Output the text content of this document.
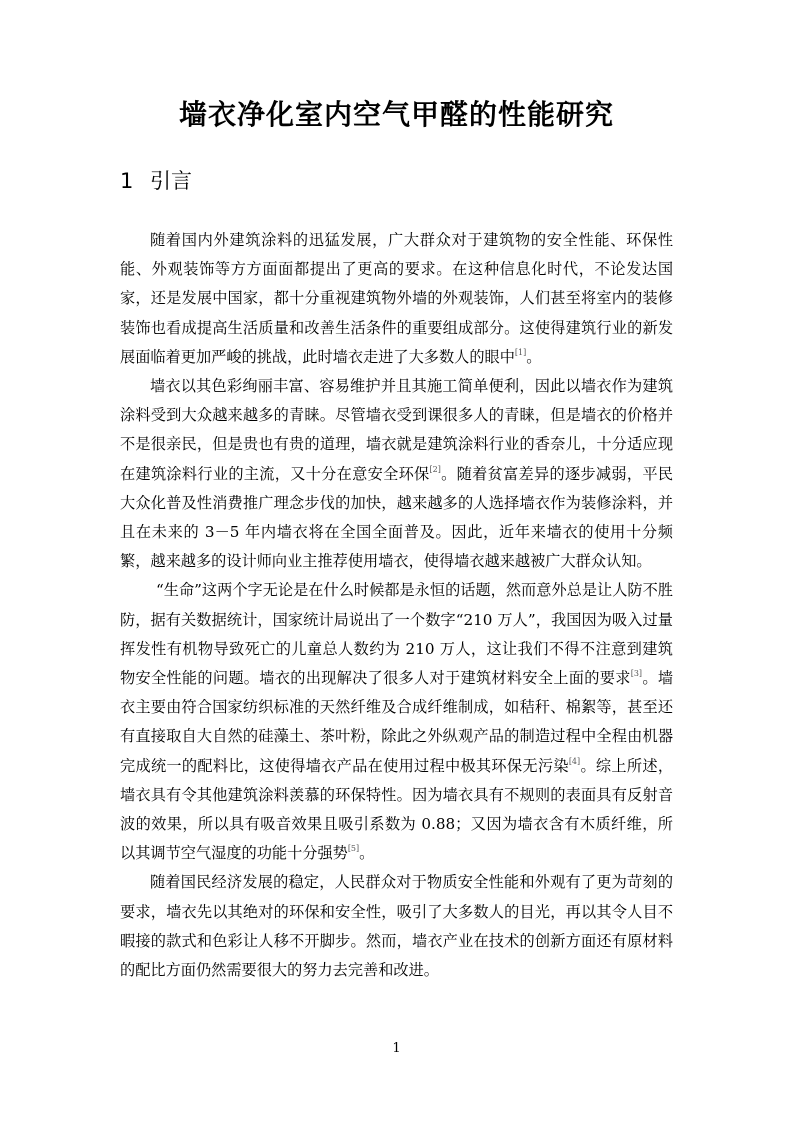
墙衣净化室内空气甲醛的性能研究
1 引言

随着国内外建筑涂料的迅猛发展，广大群众对于建筑物的安全性能、环保性能、外观装饰等方方面面都提出了更高的要求。在这种信息化时代，不论发达国家，还是发展中国家，都十分重视建筑物外墙的外观装饰，人们甚至将室内的装修装饰也看成提高生活质量和改善生活条件的重要组成部分。这使得建筑行业的新发展面临着更加严峻的挑战，此时墙衣走进了大多数人的眼中[1]。

墙衣以其色彩绚丽丰富、容易维护并且其施工简单便利，因此以墙衣作为建筑涂料受到大众越来越多的青睐。尽管墙衣受到课很多人的青睐，但是墙衣的价格并不是很亲民，但是贵也有贵的道理，墙衣就是建筑涂料行业的香奈儿，十分适应现在建筑涂料行业的主流，又十分在意安全环保[2]。随着贫富差异的逐步减弱，平民大众化普及性消费推广理念步伐的加快，越来越多的人选择墙衣作为装修涂料，并且在未来的 3－5 年内墙衣将在全国全面普及。因此，近年来墙衣的使用十分频繁，越来越多的设计师向业主推荐使用墙衣，使得墙衣越来越被广大群众认知。

“生命”这两个字无论是在什么时候都是永恒的话题，然而意外总是让人防不胜防，据有关数据统计，国家统计局说出了一个数字“210 万人”，我国因为吸入过量挥发性有机物导致死亡的儿童总人数约为 210 万人，这让我们不得不注意到建筑物安全性能的问题。墙衣的出现解决了很多人对于建筑材料安全上面的要求[3]。墙衣主要由符合国家纺织标准的天然纤维及合成纤维制成，如秸秆、棉絮等，甚至还有直接取自大自然的硅藻土、茶叶粉，除此之外纵观产品的制造过程中全程由机器完成统一的配料比，这使得墙衣产品在使用过程中极其环保无污染[4]。综上所述，墙衣具有令其他建筑涂料羡慕的环保特性。因为墙衣具有不规则的表面具有反射音波的效果，所以具有吸音效果且吸引系数为 0.88；又因为墙衣含有木质纤维，所以其调节空气湿度的功能十分强势[5]。

随着国民经济发展的稳定，人民群众对于物质安全性能和外观有了更为苛刻的要求，墙衣先以其绝对的环保和安全性，吸引了大多数人的目光，再以其令人目不暇接的款式和色彩让人移不开脚步。然而，墙衣产业在技术的创新方面还有原材料的配比方面仍然需要很大的努力去完善和改进。

1
